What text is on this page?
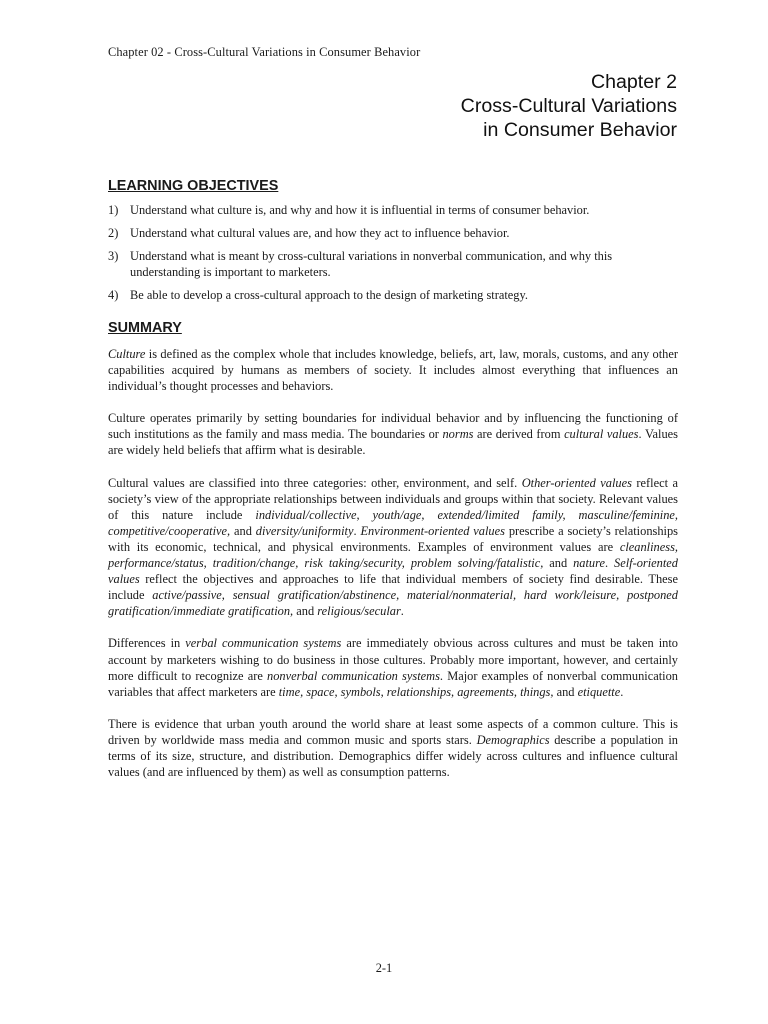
Chapter 02 - Cross-Cultural Variations in Consumer Behavior
Chapter 2
Cross-Cultural Variations
in Consumer Behavior
LEARNING OBJECTIVES
1) Understand what culture is, and why and how it is influential in terms of consumer behavior.
2) Understand what cultural values are, and how they act to influence behavior.
3) Understand what is meant by cross-cultural variations in nonverbal communication, and why this understanding is important to marketers.
4) Be able to develop a cross-cultural approach to the design of marketing strategy.
SUMMARY

Culture is defined as the complex whole that includes knowledge, beliefs, art, law, morals, customs, and any other capabilities acquired by humans as members of society. It includes almost everything that influences an individual’s thought processes and behaviors.

Culture operates primarily by setting boundaries for individual behavior and by influencing the functioning of such institutions as the family and mass media. The boundaries or norms are derived from cultural values. Values are widely held beliefs that affirm what is desirable.

Cultural values are classified into three categories: other, environment, and self. Other-oriented values reflect a society’s view of the appropriate relationships between individuals and groups within that society. Relevant values of this nature include individual/collective, youth/age, extended/limited family, masculine/feminine, competitive/cooperative, and diversity/uniformity. Environment-oriented values prescribe a society’s relationships with its economic, technical, and physical environments. Examples of environment values are cleanliness, performance/status, tradition/change, risk taking/security, problem solving/fatalistic, and nature. Self-oriented values reflect the objectives and approaches to life that individual members of society find desirable. These include active/passive, sensual gratification/abstinence, material/nonmaterial, hard work/leisure, postponed gratification/immediate gratification, and religious/secular.

Differences in verbal communication systems are immediately obvious across cultures and must be taken into account by marketers wishing to do business in those cultures. Probably more important, however, and certainly more difficult to recognize are nonverbal communication systems. Major examples of nonverbal communication variables that affect marketers are time, space, symbols, relationships, agreements, things, and etiquette.

There is evidence that urban youth around the world share at least some aspects of a common culture. This is driven by worldwide mass media and common music and sports stars. Demographics describe a population in terms of its size, structure, and distribution. Demographics differ widely across cultures and influence cultural values (and are influenced by them) as well as consumption patterns.

2-1
